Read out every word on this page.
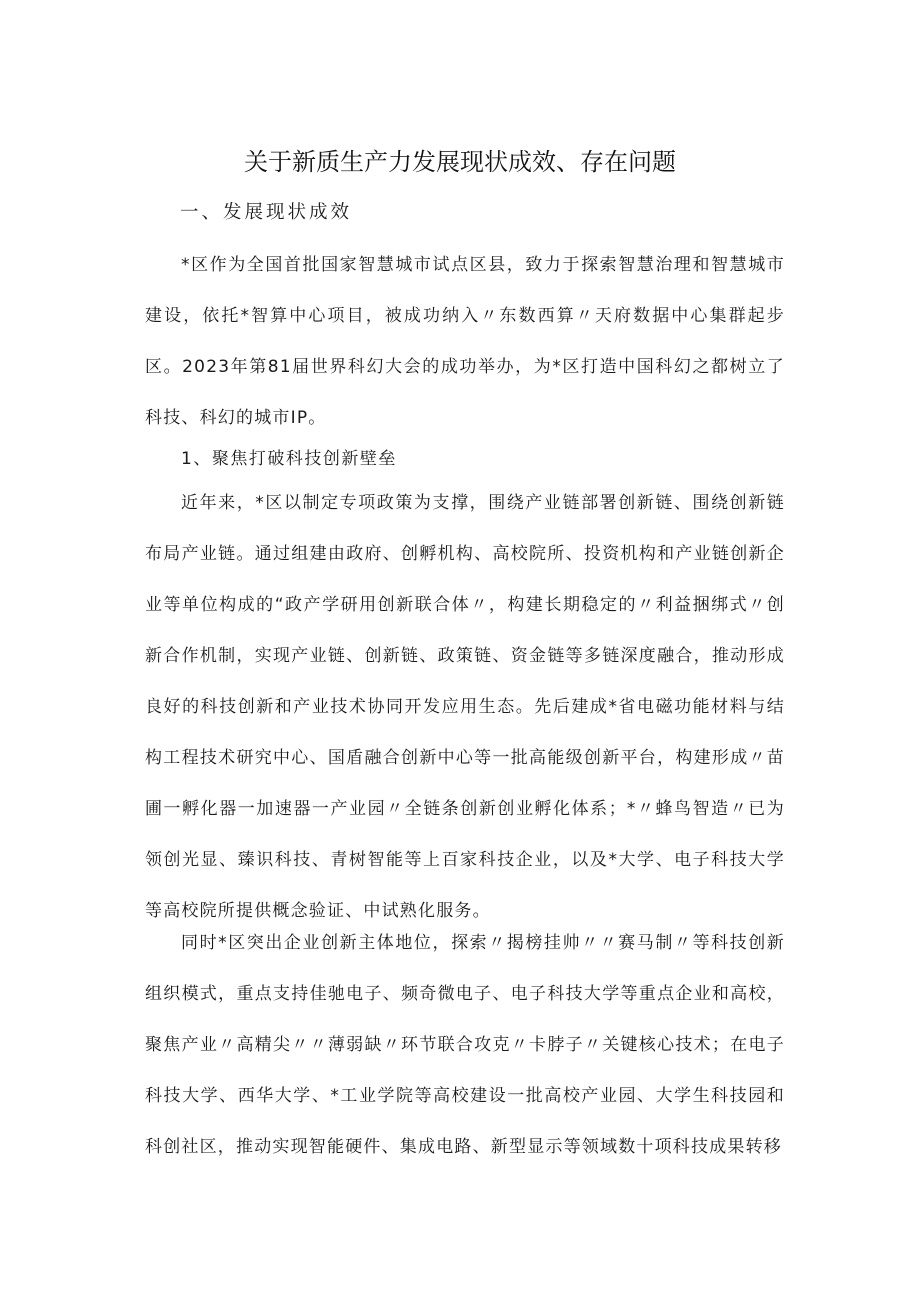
关于新质生产力发展现状成效、存在问题
一、发展现状成效

*区作为全国首批国家智慧城市试点区县，致力于探索智慧治理和智慧城市建设，依托*智算中心项目，被成功纳入〃东数西算〃天府数据中心集群起步区。2023年第81届世界科幻大会的成功举办，为*区打造中国科幻之都树立了科技、科幻的城市IP。

1、聚焦打破科技创新壁垒

近年来，*区以制定专项政策为支撑，围绕产业链部署创新链、围绕创新链布局产业链。通过组建由政府、创孵机构、高校院所、投资机构和产业链创新企业等单位构成的“政产学研用创新联合体〃，构建长期稳定的〃利益捆绑式〃创新合作机制，实现产业链、创新链、政策链、资金链等多链深度融合，推动形成良好的科技创新和产业技术协同开发应用生态。先后建成*省电磁功能材料与结构工程技术研究中心、国盾融合创新中心等一批高能级创新平台，构建形成〃苗圃一孵化器一加速器一产业园〃全链条创新创业孵化体系；*〃蜂鸟智造〃已为领创光显、臻识科技、青树智能等上百家科技企业，以及*大学、电子科技大学等高校院所提供概念验证、中试熟化服务。

同时*区突出企业创新主体地位，探索〃揭榜挂帅〃〃赛马制〃等科技创新组织模式，重点支持佳驰电子、频奇微电子、电子科技大学等重点企业和高校，聚焦产业〃高精尖〃〃薄弱缺〃环节联合攻克〃卡脖子〃关键核心技术；在电子科技大学、西华大学、*工业学院等高校建设一批高校产业园、大学生科技园和科创社区，推动实现智能硬件、集成电路、新型显示等领域数十项科技成果转移
